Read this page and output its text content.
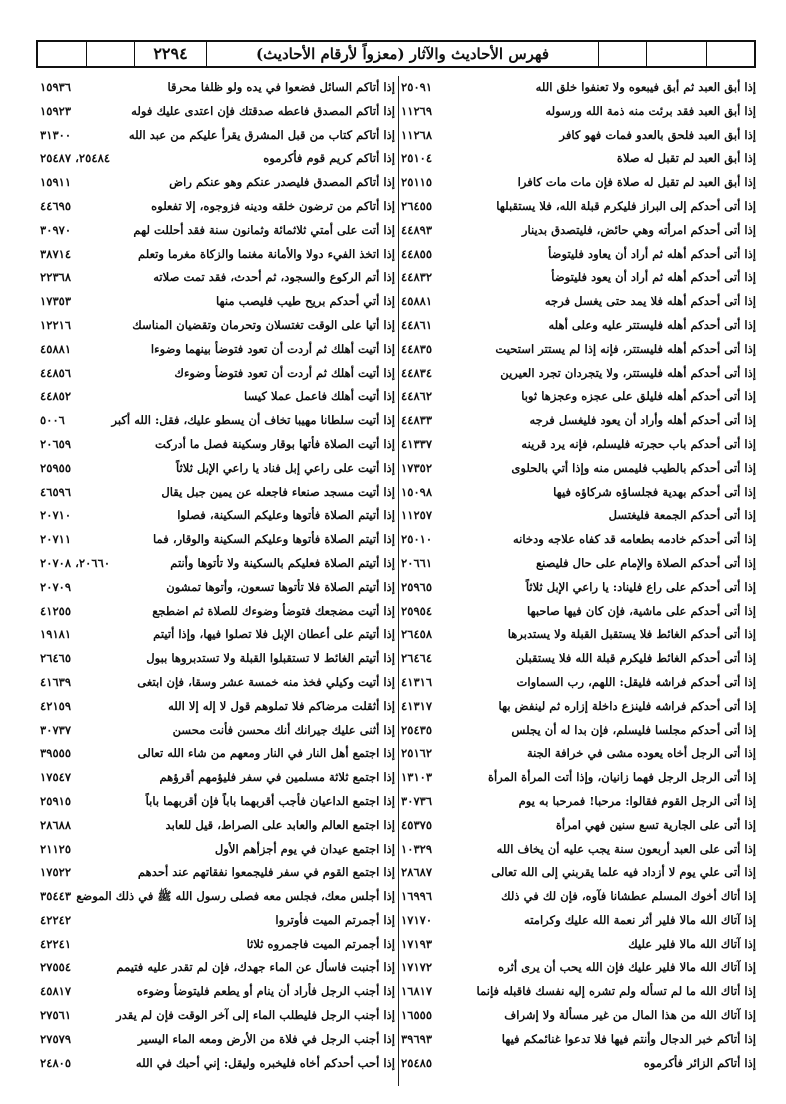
٢٢٩٤	فهرس الأحاديث والآثار (معزواً لأرقام الأحاديث)
إذا أبق العبد ثم أبق فيبعوه ولا تعنفوا خلق الله
٢٥٠٩١
إذا أبق العبد فقد برئت منه ذمة الله ورسوله
١١٢٦٩
إذا أبق العبد فلحق بالعدو فمات فهو كافر
١١٢٦٨
إذا أبق العبد لم تقبل له صلاة
٢٥١٠٤
إذا أبق العبد لم تقبل له صلاة فإن مات مات كافرا
٢٥١١٥
إذا أتى أحدكم إلى البراز فليكرم قبلة الله، فلا يستقبلها
٢٦٤٥٥
إذا أتى أحدكم امرأته وهي حائض، فليتصدق بدينار
٤٤٨٩٣
إذا أتى أحدكم أهله ثم أراد أن يعاود فليتوضأ
٤٤٨٥٥
إذا أتى أحدكم أهله ثم أراد أن يعود فليتوضأ
٤٤٨٣٢
إذا أتى أحدكم أهله فلا يمد حتى يغسل فرجه
٤٥٨٨١
إذا أتى أحدكم أهله فليستتر عليه وعلى أهله
٤٤٨٦١
إذا أتى أحدكم أهله فليستتر، فإنه إذا لم يستتر استحيت
٤٤٨٣٥
إذا أتى أحدكم أهله فليستتر، ولا يتجردان تجرد العيرين
٤٤٨٣٤
إذا أتى أحدكم أهله فليلق على عجزه وعجزها ثوبا
٤٤٨٦٢
إذا أتى أحدكم أهله وأراد أن يعود فليغسل فرجه
٤٤٨٣٣
إذا أتى أحدكم باب حجرته فليسلم، فإنه يرد قرينه
٤١٣٣٧
إذا أتى أحدكم بالطيب فليمس منه وإذا أتي بالحلوى
١٧٣٥٢
إذا أتى أحدكم بهدية فجلساؤه شركاؤه فيها
١٥٠٩٨
إذا أتى أحدكم الجمعة فليغتسل
١١٢٥٧
إذا أتى أحدكم خادمه بطعامه قد كفاه علاجه ودخانه
٢٥٠١٠
إذا أتى أحدكم الصلاة والإمام على حال فليصنع
٢٠٦٦١
إذا أتى أحدكم على راع فليناد: يا راعي الإبل ثلاثاً
٢٥٩٦٥
إذا أتى أحدكم على ماشية، فإن كان فيها صاحبها
٢٥٩٥٤
إذا أتى أحدكم الغائط فلا يستقبل القبلة ولا يستدبرها
٢٦٤٥٨
إذا أتى أحدكم الغائط فليكرم قبلة الله فلا يستقبلن
٢٦٤٦٤
إذا أتى أحدكم فراشه فليقل: اللهم، رب السماوات
٤١٣١٦
إذا أتى أحدكم فراشه فلينزع داخلة إزاره ثم لينفض بها
٤١٣١٧
إذا أتى أحدكم مجلسا فليسلم، فإن بدا له أن يجلس
٢٥٤٣٥
إذا أتى الرجل أخاه يعوده مشى في خرافة الجنة
٢٥١٦٢
إذا أتى الرجل الرجل فهما زانيان، وإذا أتت المرأة المرأة
١٣١٠٣
إذا أتى الرجل القوم فقالوا: مرحبا! فمرحبا به يوم
٣٠٧٣٦
إذا أتى على الجارية تسع سنين فهي امرأة
٤٥٣٧٥
إذا أتى على العبد أربعون سنة يجب عليه أن يخاف الله
١٠٣٢٩
إذا أتى علي يوم لا أزداد فيه علما يقربني إلى الله تعالى
٢٨٦٨٧
إذا أتاك أخوك المسلم عطشانا فآوه، فإن لك في ذلك
١٦٩٩٦
إذا آتاك الله مالا فلير أثر نعمة الله عليك وكرامته
١٧١٧٠
إذا آتاك الله مالا فلير عليك
١٧١٩٣
إذا آتاك الله مالا فلير عليك فإن الله يحب أن يرى أثره
١٧١٧٢
إذا أتاك الله ما لم تسأله ولم تشره إليه نفسك فاقبله فإنما
١٦٨١٧
إذا آتاك الله من هذا المال من غير مسألة ولا إشراف
١٦٥٥٥
إذا أتاكم خبر الدجال وأنتم فيها فلا تدعوا غنائمكم فيها
٣٩٦٩٣
إذا أتاكم الزائر فأكرموه
٢٥٤٨٥
إذا أتاكم السائل فضعوا في يده ولو ظلفا محرقا
١٥٩٣٦
إذا أتاكم المصدق فاعطه صدقتك فإن اعتدى عليك فوله
١٥٩٢٣
إذا أتاكم كتاب من قبل المشرق يقرأ عليكم من عبد الله
٣١٣٠٠
إذا أتاكم كريم قوم فأكرموه
٢٥٤٨٤، ٢٥٤٨٧
إذا أتاكم المصدق فليصدر عنكم وهو عنكم راض
١٥٩١١
إذا أتاكم من ترضون خلقه ودينه فزوجوه، إلا تفعلوه
٤٤٦٩٥
إذا أتت على أمتي ثلاثمائة وثمانون سنة فقد أحللت لهم
٣٠٩٧٠
إذا اتخذ الفيء دولا والأمانة مغنما والزكاة مغرما وتعلم
٣٨٧١٤
إذا أتم الركوع والسجود، ثم أحدث، فقد تمت صلاته
٢٢٣٦٨
إذا أتي أحدكم بريح طيب فليصب منها
١٧٣٥٣
إذا أتيا على الوقت تغتسلان وتحرمان وتقضيان المناسك
١٢٢١٦
إذا أتيت أهلك ثم أردت أن تعود فتوضأ بينهما وضوءا
٤٥٨٨١
إذا أتيت أهلك ثم أردت أن تعود فتوضأ وضوءك
٤٤٨٥٦
إذا أتيت أهلك فاعمل عملا كيسا
٤٤٨٥٢
إذا أتيت سلطانا مهيبا تخاف أن يسطو عليك، فقل: الله أكبر
٥٠٠٦
إذا أتيت الصلاة فأتها بوقار وسكينة فصل ما أدركت
٢٠٦٥٩
إذا أتيت على راعي إبل فناد يا راعي الإبل ثلاثاً
٢٥٩٥٥
إذا أتيت مسجد صنعاء فاجعله عن يمين جبل يقال
٤٦٥٩٦
إذا أتيتم الصلاة فأتوها وعليكم السكينة، فصلوا
٢٠٧١٠
إذا أتيتم الصلاة فأتوها وعليكم السكينة والوقار، فما
٢٠٧١١
إذا أتيتم الصلاة فعليكم بالسكينة ولا تأتوها وأنتم
٢٠٦٦٠، ٢٠٧٠٨
إذا أتيتم الصلاة فلا تأتوها تسعون، وأتوها تمشون
٢٠٧٠٩
إذا أتيت مضجعك فتوضأ وضوءك للصلاة ثم اضطجع
٤١٢٥٥
إذا أتيتم على أعطان الإبل فلا تصلوا فيها، وإذا أتيتم
١٩١٨١
إذا أتيتم الغائط لا تستقبلوا القبلة ولا تستدبروها ببول
٢٦٤٦٥
إذا أتيت وكيلي فخذ منه خمسة عشر وسقا، فإن ابتغى
٤١٦٣٩
إذا أثقلت مرضاكم فلا تملوهم قول لا إله إلا الله
٤٢١٥٩
إذا أثنى عليك جيرانك أنك محسن فأنت محسن
٣٠٧٣٧
إذا اجتمع أهل النار في النار ومعهم من شاء الله تعالى
٣٩٥٥٥
إذا اجتمع ثلاثة مسلمين في سفر فليؤمهم أقرؤهم
١٧٥٤٧
إذا اجتمع الداعيان فأجب أقربهما باباً فإن أقربهما باباً
٢٥٩١٥
إذا اجتمع العالم والعابد على الصراط، قيل للعابد
٢٨٦٨٨
إذا اجتمع عيدان في يوم أجزأهم الأول
٢١١٢٥
إذا اجتمع القوم في سفر فليجمعوا نفقاتهم عند أحدهم
١٧٥٢٢
إذا أجلس معك، فجلس معه فصلى رسول الله ﷺ في ذلك الموضع
٣٥٤٤٣
إذا أجمرتم الميت فأوتروا
٤٢٢٤٢
إذا أجمرتم الميت فاجمروه ثلاثا
٤٢٢٤١
إذا أجنبت فاسأل عن الماء جهدك، فإن لم تقدر عليه فتيمم
٢٧٥٥٤
إذا أجنب الرجل فأراد أن ينام أو يطعم فليتوضأ وضوءه
٤٥٨١٧
إذا أجنب الرجل فليطلب الماء إلى آخر الوقت فإن لم يقدر
٢٧٥٦١
إذا أجنب الرجل في فلاة من الأرض ومعه الماء اليسير
٢٧٥٧٩
إذا أحب أحدكم أخاه فليخبره وليقل: إني أحبك في الله
٢٤٨٠٥
